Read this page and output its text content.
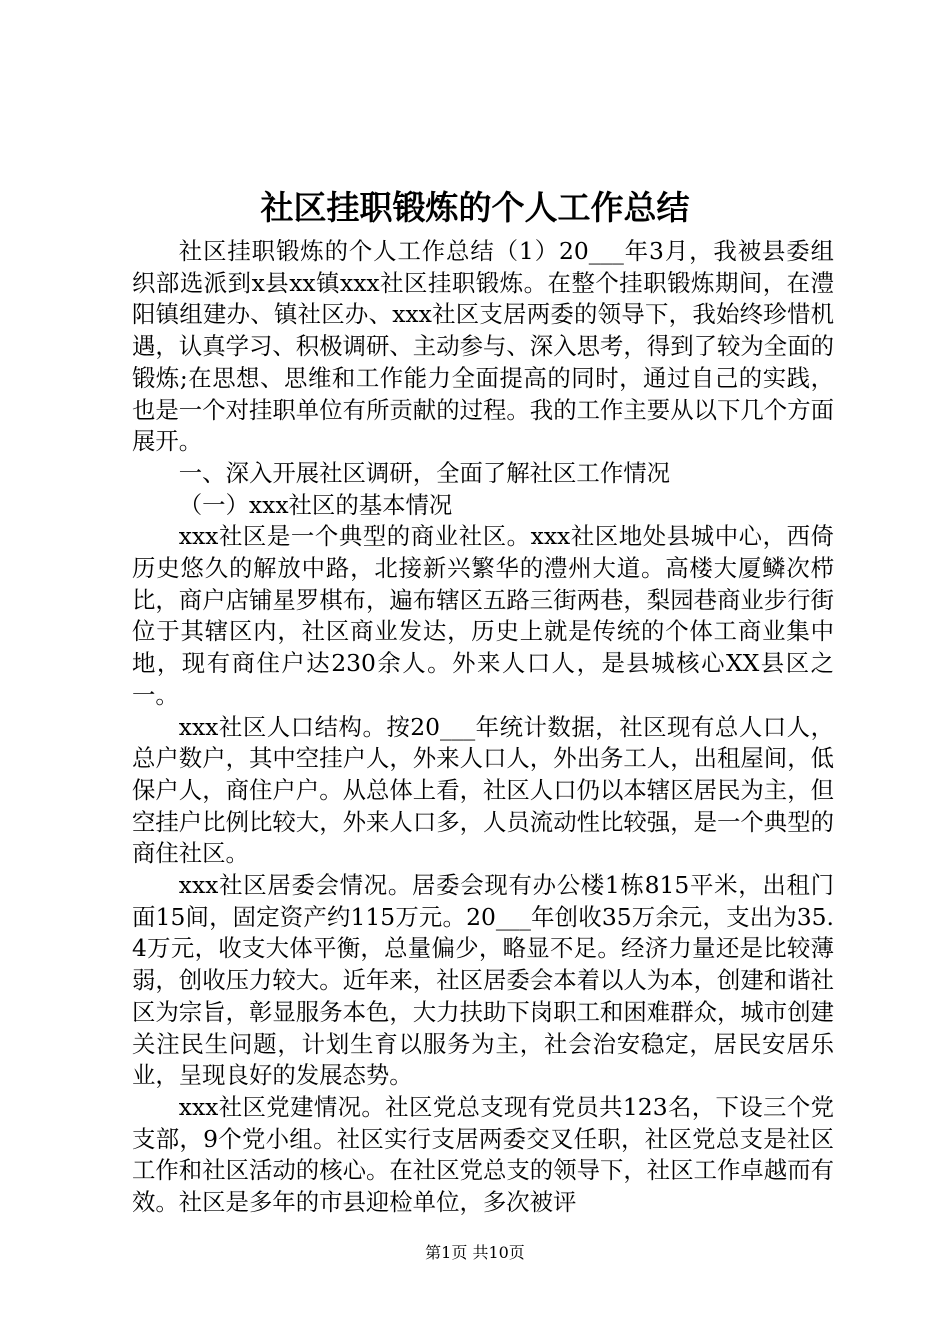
社区挂职锻炼的个人工作总结

社区挂职锻炼的个人工作总结（1）20___年3月，我被县委组织部选派到x县xx镇xxx社区挂职锻炼。在整个挂职锻炼期间，在澧阳镇组建办、镇社区办、xxx社区支居两委的领导下，我始终珍惜机遇，认真学习、积极调研、主动参与、深入思考，得到了较为全面的锻炼;在思想、思维和工作能力全面提高的同时，通过自己的实践，也是一个对挂职单位有所贡献的过程。我的工作主要从以下几个方面展开。

一、深入开展社区调研，全面了解社区工作情况

（一）xxx社区的基本情况

xxx社区是一个典型的商业社区。xxx社区地处县城中心，西倚历史悠久的解放中路，北接新兴繁华的澧州大道。高楼大厦鳞次栉比，商户店铺星罗棋布，遍布辖区五路三街两巷，梨园巷商业步行街位于其辖区内，社区商业发达，历史上就是传统的个体工商业集中地，现有商住户达230余人。外来人口人，是县城核心XX县区之一。

xxx社区人口结构。按20___年统计数据，社区现有总人口人，总户数户，其中空挂户人，外来人口人，外出务工人，出租屋间，低保户人，商住户户。从总体上看，社区人口仍以本辖区居民为主，但空挂户比例比较大，外来人口多，人员流动性比较强，是一个典型的商住社区。

xxx社区居委会情况。居委会现有办公楼1栋815平米，出租门面15间，固定资产约115万元。20___年创收35万余元，支出为35.4万元，收支大体平衡，总量偏少，略显不足。经济力量还是比较薄弱，创收压力较大。近年来，社区居委会本着以人为本，创建和谐社区为宗旨，彰显服务本色，大力扶助下岗职工和困难群众，城市创建关注民生问题，计划生育以服务为主，社会治安稳定，居民安居乐业，呈现良好的发展态势。

xxx社区党建情况。社区党总支现有党员共123名，下设三个党支部，9个党小组。社区实行支居两委交叉任职，社区党总支是社区工作和社区活动的核心。在社区党总支的领导下，社区工作卓越而有效。社区是多年的市县迎检单位，多次被评

第1页 共10页
